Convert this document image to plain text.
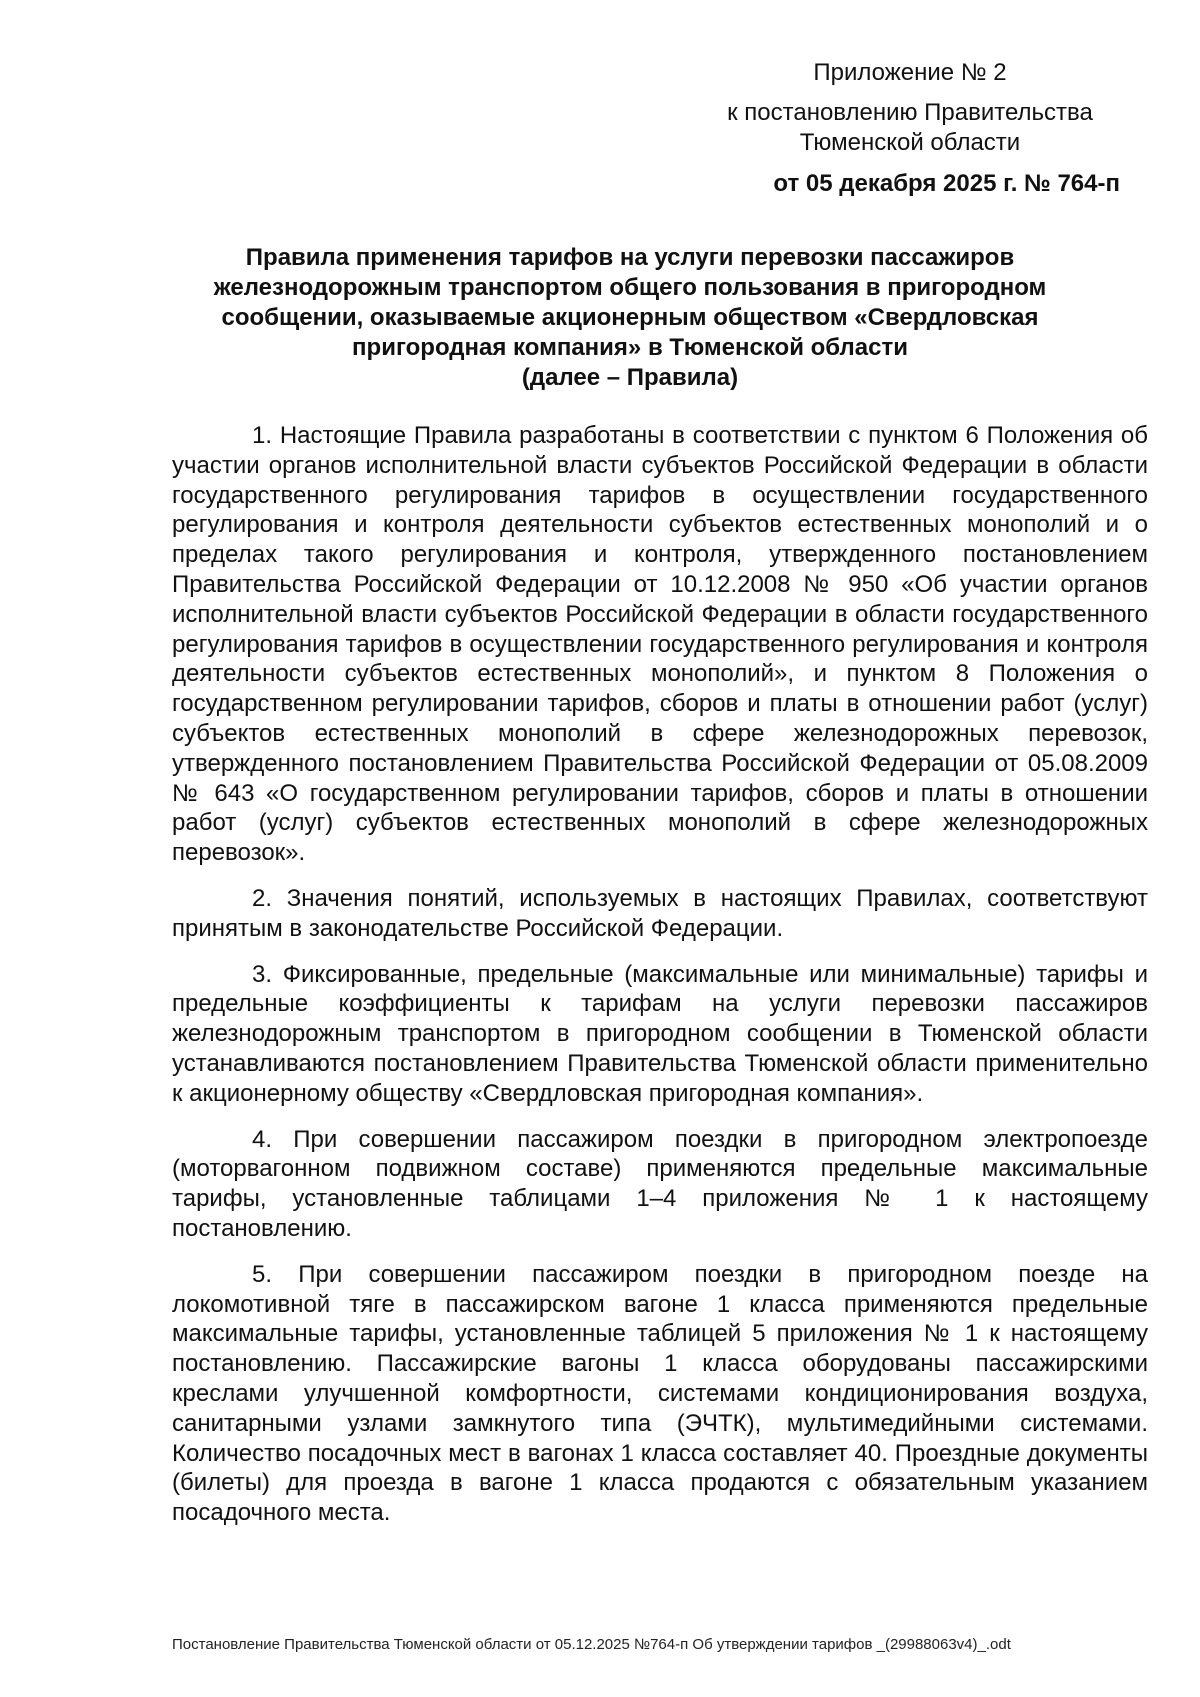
Приложение № 2
к постановлению Правительства
Тюменской области
от 05 декабря 2025 г. № 764-п
Правила применения тарифов на услуги перевозки пассажиров
железнодорожным транспортом общего пользования в пригородном
сообщении, оказываемые акционерным обществом «Свердловская
пригородная компания» в Тюменской области
(далее – Правила)

1. Настоящие Правила разработаны в соответствии с пунктом 6 Положения об участии органов исполнительной власти субъектов Российской Федерации в области государственного регулирования тарифов в осуществлении государственного регулирования и контроля деятельности субъектов естественных монополий и о пределах такого регулирования и контроля, утвержденного постановлением Правительства Российской Федерации от 10.12.2008 № 950 «Об участии органов исполнительной власти субъектов Российской Федерации в области государственного регулирования тарифов в осуществлении государственного регулирования и контроля деятельности субъектов естественных монополий», и пунктом 8 Положения о государственном регулировании тарифов, сборов и платы в отношении работ (услуг) субъектов естественных монополий в сфере железнодорожных перевозок, утвержденного постановлением Правительства Российской Федерации от 05.08.2009 № 643 «О государственном регулировании тарифов, сборов и платы в отношении работ (услуг) субъектов естественных монополий в сфере железнодорожных перевозок».

2. Значения понятий, используемых в настоящих Правилах, соответствуют принятым в законодательстве Российской Федерации.

3. Фиксированные, предельные (максимальные или минимальные) тарифы и предельные коэффициенты к тарифам на услуги перевозки пассажиров железнодорожным транспортом в пригородном сообщении в Тюменской области устанавливаются постановлением Правительства Тюменской области применительно к акционерному обществу «Свердловская пригородная компания».

4. При совершении пассажиром поездки в пригородном электропоезде (моторвагонном подвижном составе) применяются предельные максимальные тарифы, установленные таблицами 1–4 приложения № 1 к настоящему постановлению.

5. При совершении пассажиром поездки в пригородном поезде на локомотивной тяге в пассажирском вагоне 1 класса применяются предельные максимальные тарифы, установленные таблицей 5 приложения № 1 к настоящему постановлению. Пассажирские вагоны 1 класса оборудованы пассажирскими креслами улучшенной комфортности, системами кондиционирования воздуха, санитарными узлами замкнутого типа (ЭЧТК), мультимедийными системами. Количество посадочных мест в вагонах 1 класса составляет 40. Проездные документы (билеты) для проезда в вагоне 1 класса продаются с обязательным указанием посадочного места.

Постановление Правительства Тюменской области от 05.12.2025 №764-п Об утверждении тарифов _(29988063v4)_.odt
